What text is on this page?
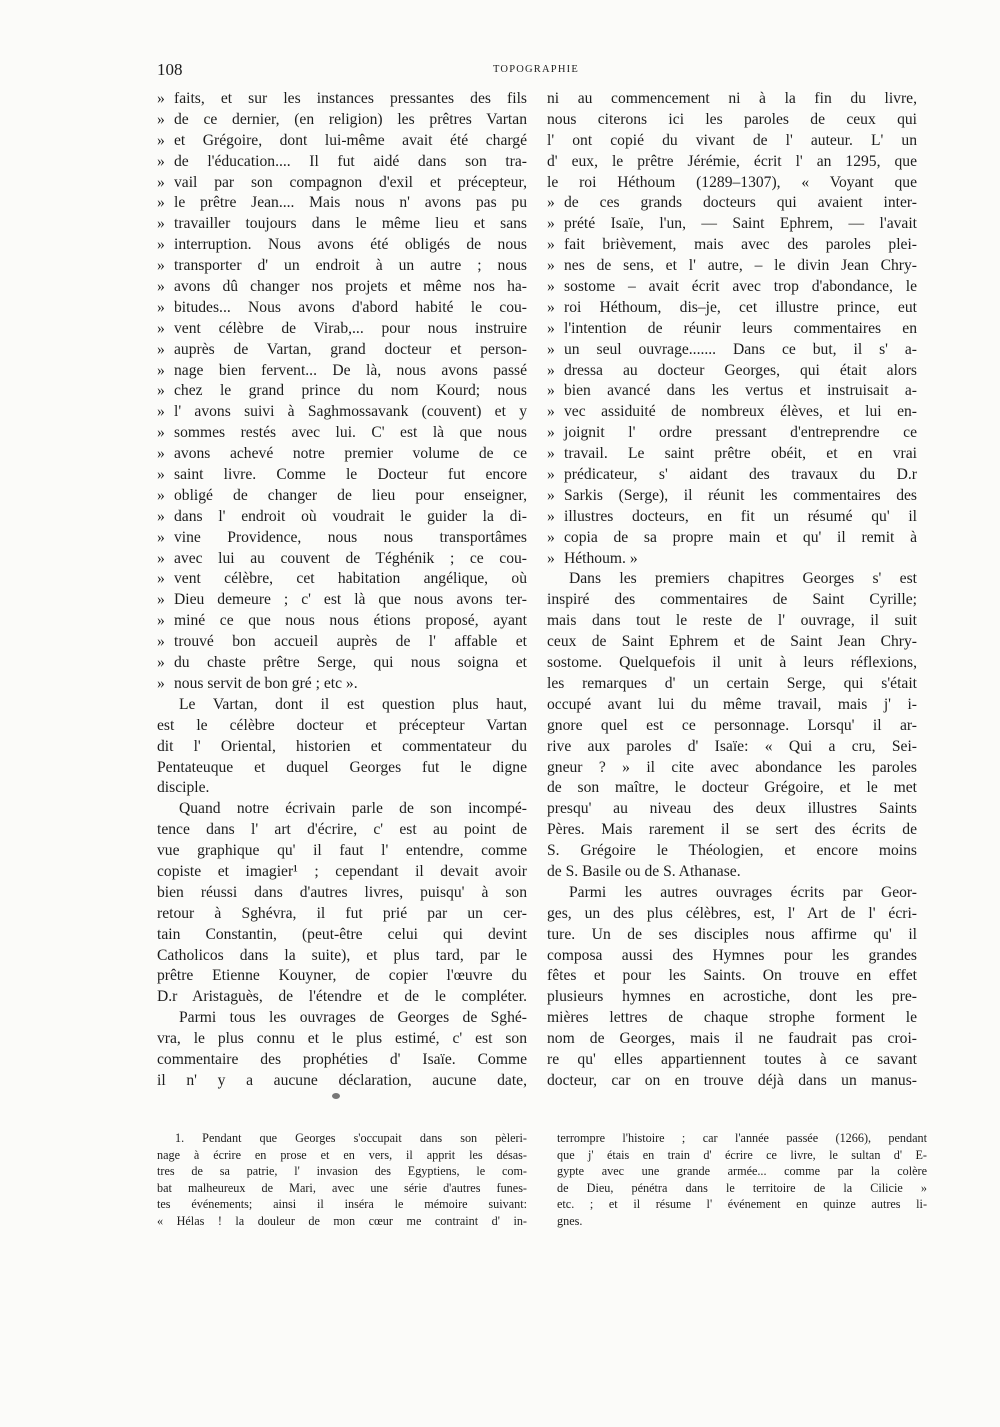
108	TOPOGRAPHIE
» faits, et sur les instances pressantes des fils
» de ce dernier, (en religion) les prêtres Vartan
» et Grégoire, dont lui-même avait été chargé
» de l'éducation.... Il fut aidé dans son tra-
» vail par son compagnon d'exil et précepteur,
» le prêtre Jean.... Mais nous n' avons pas pu
» travailler toujours dans le même lieu et sans
» interruption. Nous avons été obligés de nous
» transporter d' un endroit à un autre ; nous
» avons dû changer nos projets et même nos ha-
» bitudes... Nous avons d'abord habité le cou-
» vent célèbre de Virab,... pour nous instruire
» auprès de Vartan, grand docteur et person-
» nage bien fervent... De là, nous avons passé
» chez le grand prince du nom Kourd; nous
» l' avons suivi à Saghmossavank (couvent) et y
» sommes restés avec lui. C' est là que nous
» avons achevé notre premier volume de ce
» saint livre. Comme le Docteur fut encore
» obligé de changer de lieu pour enseigner,
» dans l' endroit où voudrait le guider la di-
» vine Providence, nous nous transportâmes
» avec lui au couvent de Téghénik ; ce cou-
» vent célèbre, cet habitation angélique, où
» Dieu demeure ; c' est là que nous avons ter-
» miné ce que nous nous étions proposé, ayant
» trouvé bon accueil auprès de l' affable et
» du chaste prêtre Serge, qui nous soigna et
» nous servit de bon gré ; etc ».
Le Vartan, dont il est question plus haut,
est le célèbre docteur et précepteur Vartan
dit l' Oriental, historien et commentateur du
Pentateuque et duquel Georges fut le digne
disciple.
Quand notre écrivain parle de son incompé-
tence dans l' art d'écrire, c' est au point de
vue graphique qu' il faut l' entendre, comme
copiste et imagier¹ ; cependant il devait avoir
bien réussi dans d'autres livres, puisqu' à son
retour à Sghévra, il fut prié par un cer-
tain Constantin, (peut-être celui qui devint
Catholicos dans la suite), et plus tard, par le
prêtre Etienne Kouyner, de copier l'œuvre du
D.r Aristaguès, de l'étendre et de le compléter.
Parmi tous les ouvrages de Georges de Sghé-
vra, le plus connu et le plus estimé, c' est son
commentaire des prophéties d' Isaïe. Comme
il n' y a aucune déclaration, aucune date,
ni au commencement ni à la fin du livre,
nous citerons ici les paroles de ceux qui
l' ont copié du vivant de l' auteur. L' un
d' eux, le prêtre Jérémie, écrit l' an 1295, que
le roi Héthoum (1289–1307), « Voyant que
» de ces grands docteurs qui avaient inter-
» prété Isaïe, l'un, — Saint Ephrem, — l'avait
» fait brièvement, mais avec des paroles plei-
» nes de sens, et l' autre, – le divin Jean Chry-
» sostome – avait écrit avec trop d'abondance, le
» roi Héthoum, dis–je, cet illustre prince, eut
» l'intention de réunir leurs commentaires en
» un seul ouvrage....... Dans ce but, il s' a-
» dressa au docteur Georges, qui était alors
» bien avancé dans les vertus et instruisait a-
» vec assiduité de nombreux élèves, et lui en-
» joignit l' ordre pressant d'entreprendre ce
» travail. Le saint prêtre obéit, et en vrai
» prédicateur, s' aidant des travaux du D.r
» Sarkis (Serge), il réunit les commentaires des
» illustres docteurs, en fit un résumé qu' il
» copia de sa propre main et qu' il remit à
» Héthoum. »
Dans les premiers chapitres Georges s' est
inspiré des commentaires de Saint Cyrille;
mais dans tout le reste de l' ouvrage, il suit
ceux de Saint Ephrem et de Saint Jean Chry-
sostome. Quelquefois il unit à leurs réflexions,
les remarques d' un certain Serge, qui s'était
occupé avant lui du même travail, mais j' i-
gnore quel est ce personnage. Lorsqu' il ar-
rive aux paroles d' Isaïe: « Qui a cru, Sei-
gneur ? » il cite avec abondance les paroles
de son maître, le docteur Grégoire, et le met
presqu' au niveau des deux illustres Saints
Pères. Mais rarement il se sert des écrits de
S. Grégoire le Théologien, et encore moins
de S. Basile ou de S. Athanase.
Parmi les autres ouvrages écrits par Geor-
ges, un des plus célèbres, est, l' Art de l' écri-
ture. Un de ses disciples nous affirme qu' il
composa aussi des Hymnes pour les grandes
fêtes et pour les Saints. On trouve en effet
plusieurs hymnes en acrostiche, dont les pre-
mières lettres de chaque strophe forment le
nom de Georges, mais il ne faudrait pas croi-
re qu' elles appartiennent toutes à ce savant
docteur, car on en trouve déjà dans un manus-
1. Pendant que Georges s'occupait dans son pèleri-
nage à écrire en prose et en vers, il apprit les désas-
tres de sa patrie, l' invasion des Egyptiens, le com-
bat malheureux de Mari, avec une série d'autres funes-
tes événements; ainsi il inséra le mémoire suivant:
« Hélas ! la douleur de mon cœur me contraint d' in-
terrompre l'histoire ; car l'année passée (1266), pendant
que j' étais en train d' écrire ce livre, le sultan d' E-
gypte avec une grande armée... comme par la colère
de Dieu, pénétra dans le territoire de la Cilicie »
etc. ; et il résume l' événement en quinze autres li-
gnes.
